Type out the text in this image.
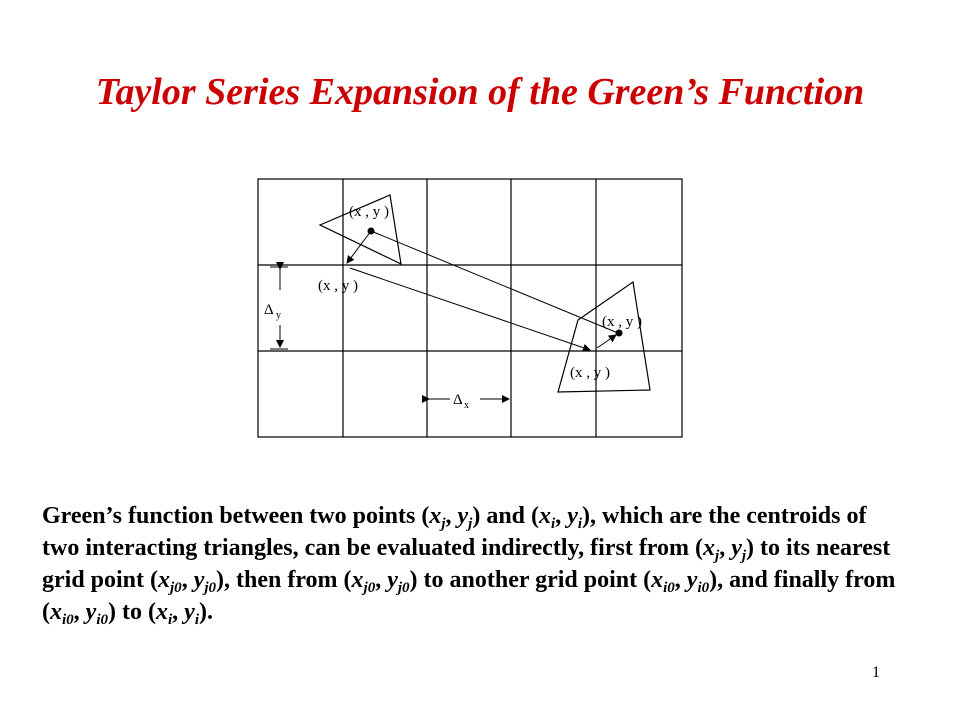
Taylor Series Expansion of the Green’s Function
(x , y )
(x , y )
(x , y )
(x , y )
Δ y
Δ x
Green’s function between two points ($x_j$, $y_j$) and ($x_i$, $y_i$), which are the centroids of two interacting triangles, can be evaluated indirectly, first from ($x_j$, $y_j$) to its nearest grid point ($x_{j0}$, $y_{j0}$), then from ($x_{j0}$, $y_{j0}$) to another grid point ($x_{i0}$, $y_{i0}$), and finally from ($x_{i0}$, $y_{i0}$) to ($x_i$, $y_i$).
1
